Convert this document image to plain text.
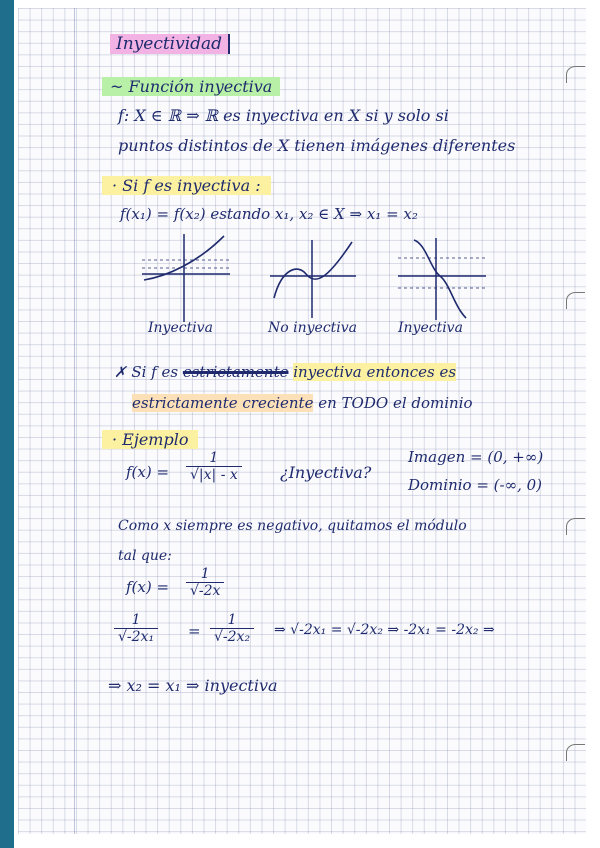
Inyectividad

~ Función inyectiva

f: X ∈ ℝ ⇒ ℝ es inyectiva en X si y solo si

puntos distintos de X tienen imágenes diferentes

· Si f es inyectiva :

f(x₁) = f(x₂) estando x₁, x₂ ∈ X ⇒ x₁ = x₂

Inyectiva	No inyectiva	Inyectiva

✗ Si f es estrictamente inyectiva entonces es

estrictamente creciente en TODO el dominio

· Ejemplo

$f(x) = \frac{1}{√|x| - x}$ ¿Inyectiva?

Imagen = (0, +∞)

Dominio = (-∞, 0)

Como x siempre es negativo, quitamos el módulo

tal que:

$f(x) = \frac{1}{√-2x}$
$\frac{1}{\text{√-2x₁}} = \frac{1}{\text{√-2x₂}}$ ⇒ √-2x₁ = √-2x₂ ⇒ -2x₁ = -2x₂ ⇒

⇒ x₂ = x₁ ⇒ inyectiva
